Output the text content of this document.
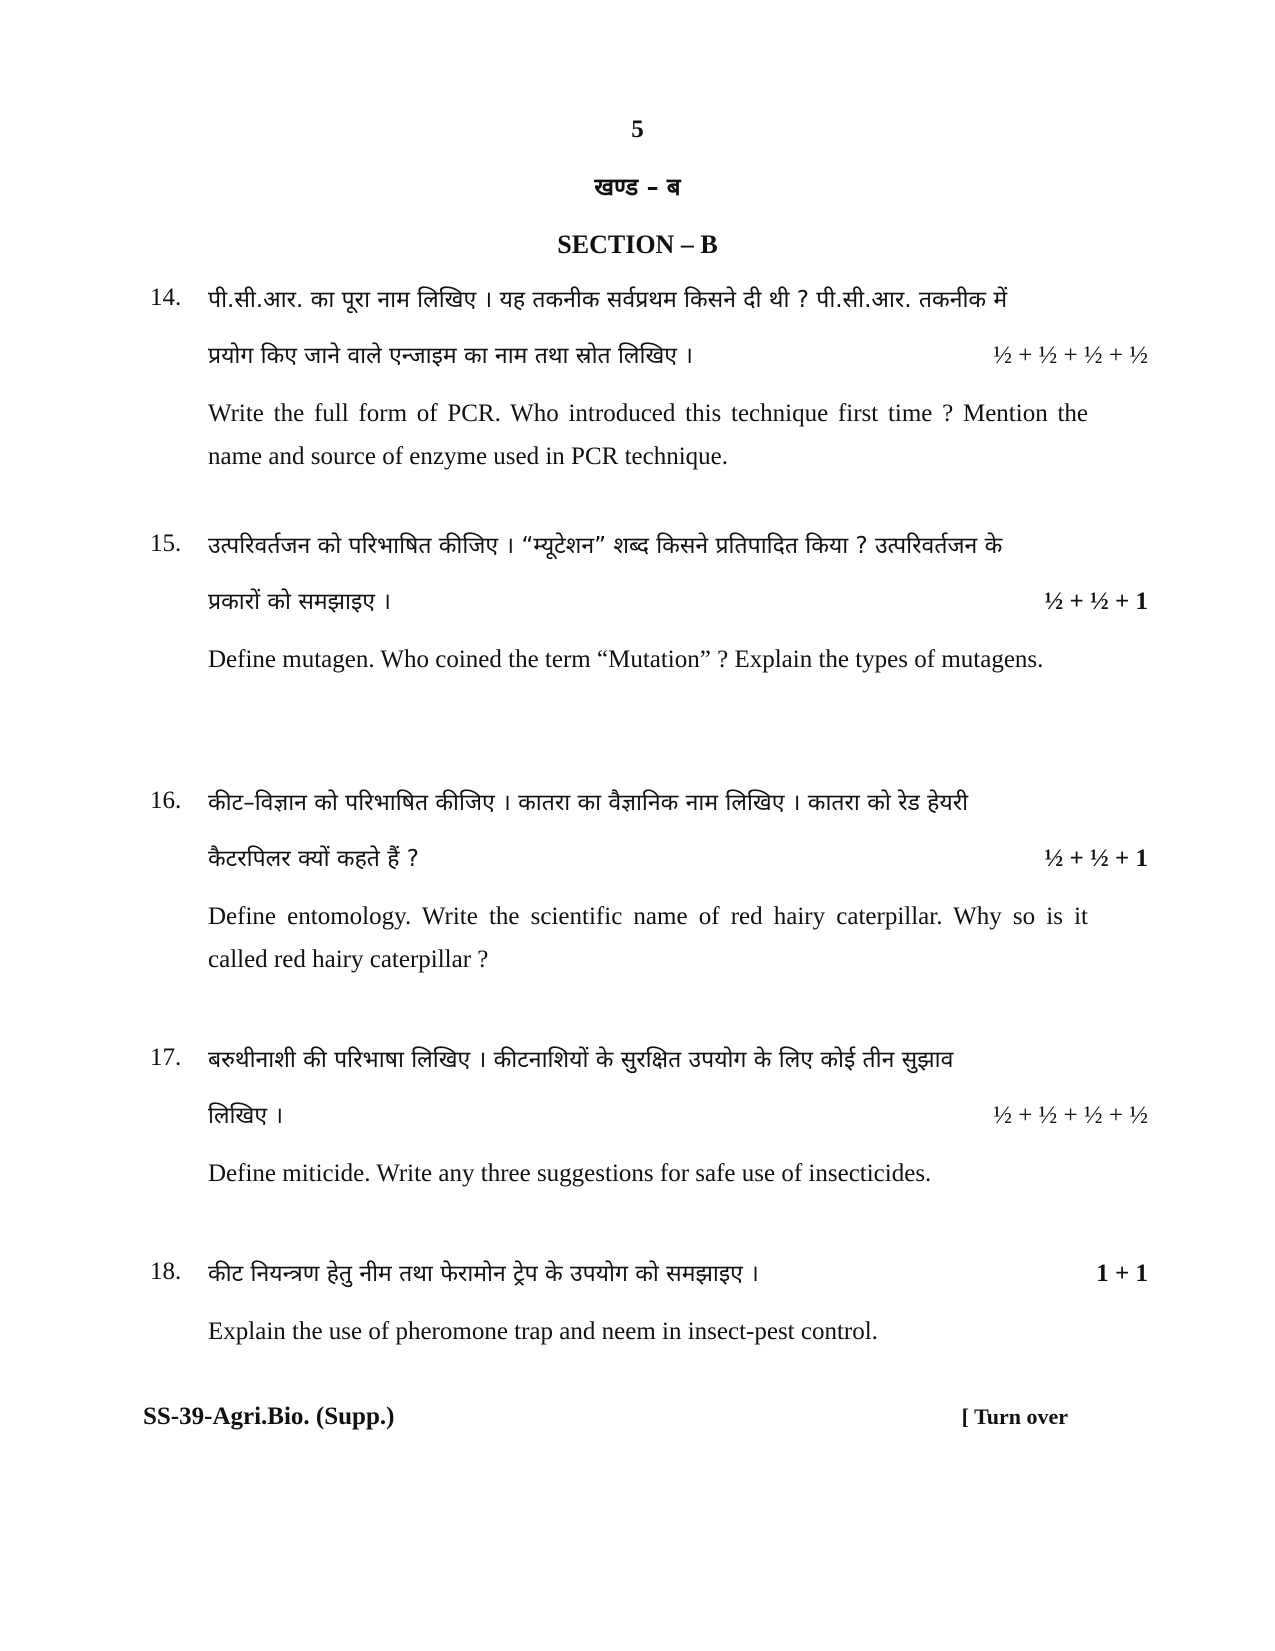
5
खण्ड – ब
SECTION – B
14. पी.सी.आर. का पूरा नाम लिखिए । यह तकनीक सर्वप्रथम किसने दी थी ? पी.सी.आर. तकनीक में
प्रयोग किए जाने वाले एन्जाइम का नाम तथा स्रोत लिखिए ।	½ + ½ + ½ + ½
Write the full form of PCR. Who introduced this technique first time ? Mention the name and source of enzyme used in PCR technique.
15. उत्परिवर्तजन को परिभाषित कीजिए । “म्यूटेशन” शब्द किसने प्रतिपादित किया ? उत्परिवर्तजन के
प्रकारों को समझाइए ।	½ + ½ + 1
Define mutagen. Who coined the term “Mutation” ? Explain the types of mutagens.
16. कीट–विज्ञान को परिभाषित कीजिए । कातरा का वैज्ञानिक नाम लिखिए । कातरा को रेड हेयरी
कैटरपिलर क्यों कहते हैं ?	½ + ½ + 1
Define entomology. Write the scientific name of red hairy caterpillar. Why so is it called red hairy caterpillar ?
17. बरुथीनाशी की परिभाषा लिखिए । कीटनाशियों के सुरक्षित उपयोग के लिए कोई तीन सुझाव
लिखिए ।	½ + ½ + ½ + ½
Define miticide. Write any three suggestions for safe use of insecticides.
18. कीट नियन्त्रण हेतु नीम तथा फेरामोन ट्रेप के उपयोग को समझाइए ।	1 + 1
Explain the use of pheromone trap and neem in insect-pest control.
SS-39-Agri.Bio. (Supp.)	[ Turn over
